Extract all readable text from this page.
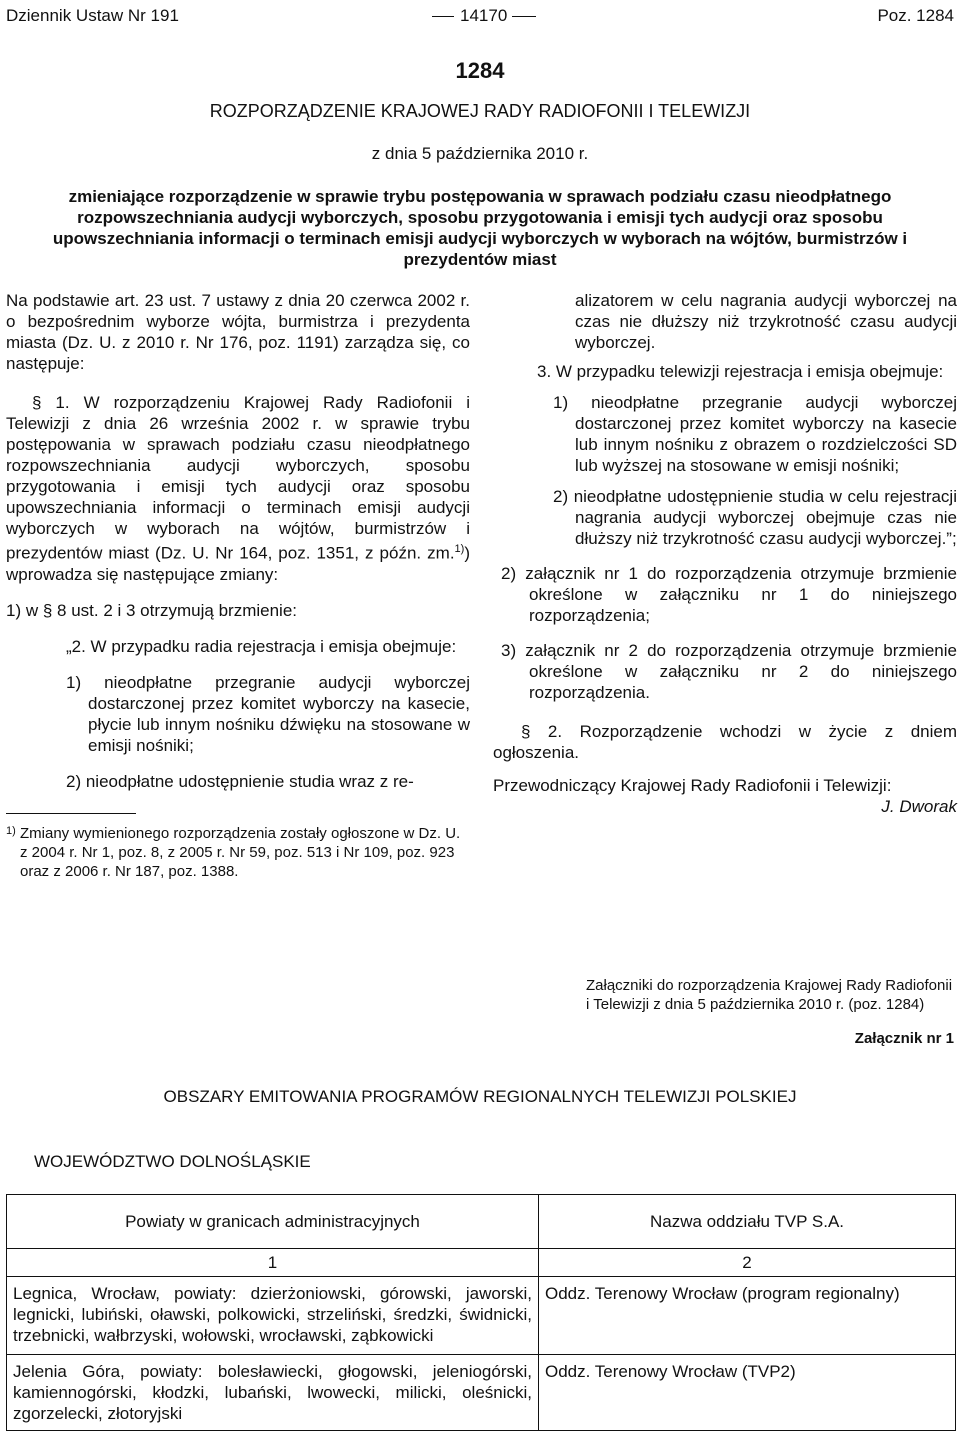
Dziennik Ustaw Nr 191	14170	Poz. 1284
1284
ROZPORZĄDZENIE KRAJOWEJ RADY RADIOFONII I TELEWIZJI
z dnia 5 października 2010 r.
zmieniające rozporządzenie w sprawie trybu postępowania w sprawach podziału czasu nieodpłatnego rozpowszechniania audycji wyborczych, sposobu przygotowania i emisji tych audycji oraz sposobu upowszechniania informacji o terminach emisji audycji wyborczych w wyborach na wójtów, burmistrzów i prezydentów miast

Na podstawie art. 23 ust. 7 ustawy z dnia 20 czerwca 2002 r. o bezpośrednim wyborze wójta, burmistrza i prezydenta miasta (Dz. U. z 2010 r. Nr 176, poz. 1191) zarządza się, co następuje:

§ 1. W rozporządzeniu Krajowej Rady Radiofonii i Telewizji z dnia 26 września 2002 r. w sprawie trybu postępowania w sprawach podziału czasu nieodpłatnego rozpowszechniania audycji wyborczych, sposobu przygotowania i emisji tych audycji oraz sposobu upowszechniania informacji o terminach emisji audycji wyborczych w wyborach na wójtów, burmistrzów i prezydentów miast (Dz. U. Nr 164, poz. 1351, z późn. zm.$^{1)}$) wprowadza się następujące zmiany:

1) w § 8 ust. 2 i 3 otrzymują brzmienie:

„2. W przypadku radia rejestracja i emisja obejmuje:

1) nieodpłatne przegranie audycji wyborczej dostarczonej przez komitet wyborczy na kasecie, płycie lub innym nośniku dźwięku na stosowane w emisji nośniki;

2) nieodpłatne udostępnienie studia wraz z re-

1) Zmiany wymienionego rozporządzenia zostały ogłoszone w Dz. U. z 2004 r. Nr 1, poz. 8, z 2005 r. Nr 59, poz. 513 i Nr 109, poz. 923 oraz z 2006 r. Nr 187, poz. 1388.

alizatorem w celu nagrania audycji wyborczej na czas nie dłuższy niż trzykrotność czasu audycji wyborczej.

3. W przypadku telewizji rejestracja i emisja obejmuje:

1) nieodpłatne przegranie audycji wyborczej dostarczonej przez komitet wyborczy na kasecie lub innym nośniku z obrazem o rozdzielczości SD lub wyższej na stosowane w emisji nośniki;

2) nieodpłatne udostępnienie studia w celu rejestracji nagrania audycji wyborczej obejmuje czas nie dłuższy niż trzykrotność czasu audycji wyborczej.”;

2) załącznik nr 1 do rozporządzenia otrzymuje brzmienie określone w załączniku nr 1 do niniejszego rozporządzenia;

3) załącznik nr 2 do rozporządzenia otrzymuje brzmienie określone w załączniku nr 2 do niniejszego rozporządzenia.

§ 2. Rozporządzenie wchodzi w życie z dniem ogłoszenia.

Przewodniczący Krajowej Rady Radiofonii i Telewizji:

J. Dworak

Załączniki do rozporządzenia Krajowej Rady Radiofonii i Telewizji z dnia 5 października 2010 r. (poz. 1284)
Załącznik nr 1
OBSZARY EMITOWANIA PROGRAMÓW REGIONALNYCH TELEWIZJI POLSKIEJ
WOJEWÓDZTWO DOLNOŚLĄSKIE
Powiaty w granicach administracyjnych	Nazwa oddziału TVP S.A.
1	2
Legnica, Wrocław, powiaty: dzierżoniowski, górowski, jaworski, legnicki, lubiński, oławski, polkowicki, strzeliński, średzki, świdnicki, trzebnicki, wałbrzyski, wołowski, wrocławski, ząbkowicki	Oddz. Terenowy Wrocław (program regionalny)
Jelenia Góra, powiaty: bolesławiecki, głogowski, jeleniogórski, kamiennogórski, kłodzki, lubański, lwowecki, milicki, oleśnicki, zgorzelecki, złotoryjski	Oddz. Terenowy Wrocław (TVP2)
